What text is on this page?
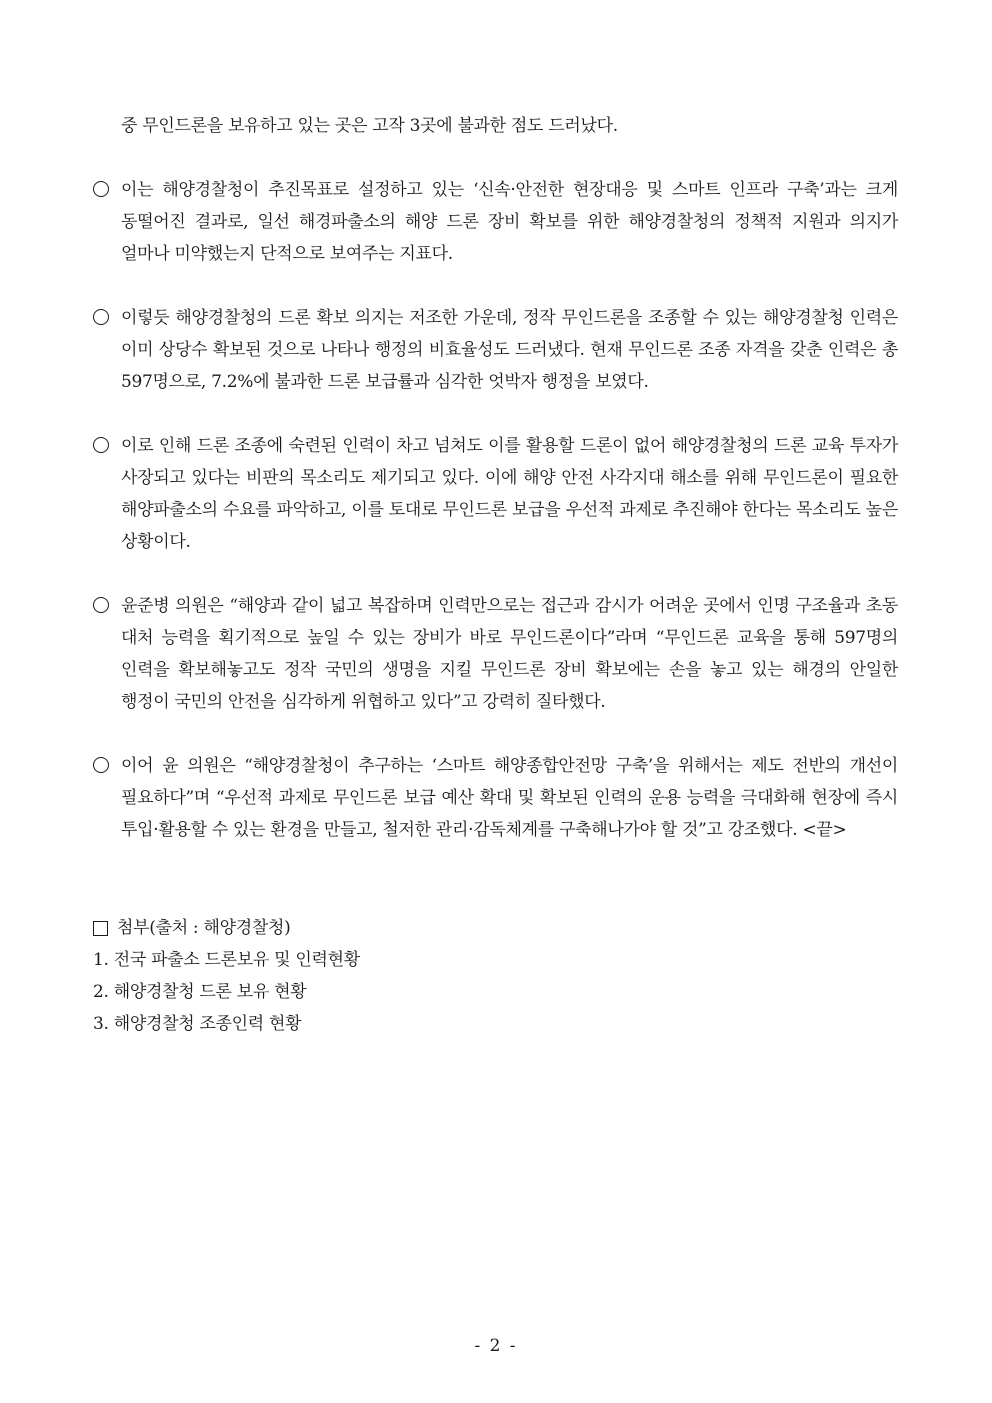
중 무인드론을 보유하고 있는 곳은 고작 3곳에 불과한 점도 드러났다.
이는 해양경찰청이 추진목표로 설정하고 있는 ‘신속·안전한 현장대응 및 스마트 인프라 구축’과는 크게 동떨어진 결과로, 일선 해경파출소의 해양 드론 장비 확보를 위한 해양경찰청의 정책적 지원과 의지가 얼마나 미약했는지 단적으로 보여주는 지표다.
이렇듯 해양경찰청의 드론 확보 의지는 저조한 가운데, 정작 무인드론을 조종할 수 있는 해양경찰청 인력은 이미 상당수 확보된 것으로 나타나 행정의 비효율성도 드러냈다. 현재 무인드론 조종 자격을 갖춘 인력은 총 597명으로, 7.2%에 불과한 드론 보급률과 심각한 엇박자 행정을 보였다.
이로 인해 드론 조종에 숙련된 인력이 차고 넘쳐도 이를 활용할 드론이 없어 해양경찰청의 드론 교육 투자가 사장되고 있다는 비판의 목소리도 제기되고 있다. 이에 해양 안전 사각지대 해소를 위해 무인드론이 필요한 해양파출소의 수요를 파악하고, 이를 토대로 무인드론 보급을 우선적 과제로 추진해야 한다는 목소리도 높은 상황이다.
윤준병 의원은 “해양과 같이 넓고 복잡하며 인력만으로는 접근과 감시가 어려운 곳에서 인명 구조율과 초동 대처 능력을 획기적으로 높일 수 있는 장비가 바로 무인드론이다”라며 “무인드론 교육을 통해 597명의 인력을 확보해놓고도 정작 국민의 생명을 지킬 무인드론 장비 확보에는 손을 놓고 있는 해경의 안일한 행정이 국민의 안전을 심각하게 위협하고 있다”고 강력히 질타했다.
이어 윤 의원은 “해양경찰청이 추구하는 ‘스마트 해양종합안전망 구축’을 위해서는 제도 전반의 개선이 필요하다”며 “우선적 과제로 무인드론 보급 예산 확대 및 확보된 인력의 운용 능력을 극대화해 현장에 즉시 투입·활용할 수 있는 환경을 만들고, 철저한 관리·감독체계를 구축해나가야 할 것”고 강조했다. <끝>
첨부(출처 : 해양경찰청)
1. 전국 파출소 드론보유 및 인력현황
2. 해양경찰청 드론 보유 현황
3. 해양경찰청 조종인력 현황
- 2 -
